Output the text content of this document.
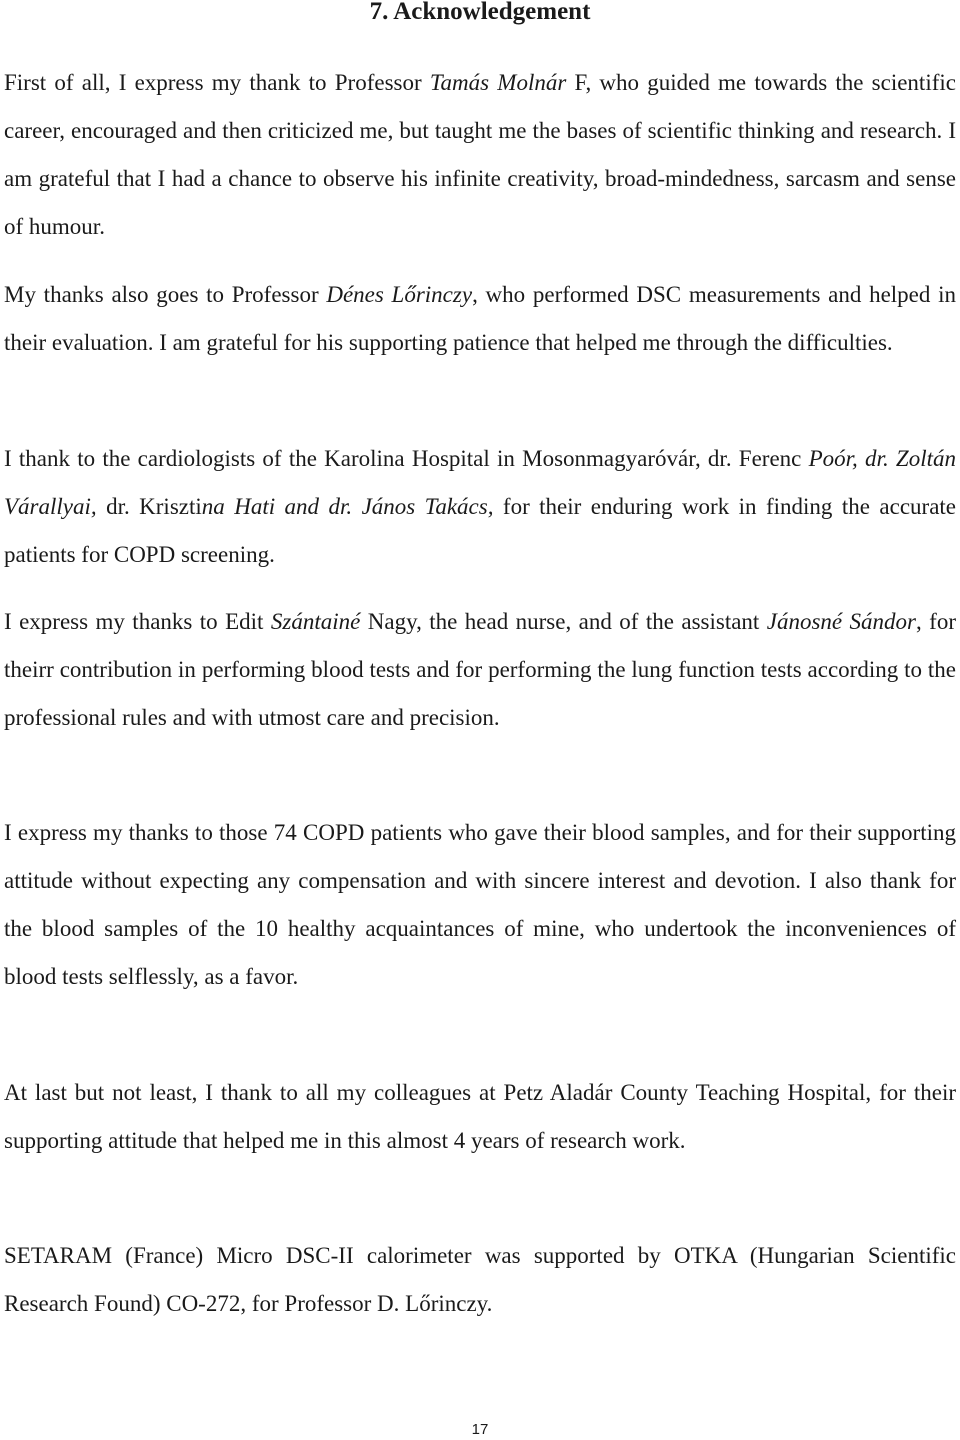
7. Acknowledgement

First of all, I express my thank to Professor Tamás Molnár F, who guided me towards the scientific career, encouraged and then criticized me, but taught me the bases of scientific thinking and research. I am grateful that I had a chance to observe his infinite creativity, broad-mindedness, sarcasm and sense of humour.

My thanks also goes to Professor Dénes Lőrinczy, who performed DSC measurements and helped in their evaluation. I am grateful for his supporting patience that helped me through the difficulties.

I thank to the cardiologists of the Karolina Hospital in Mosonmagyaróvár, dr. Ferenc Poór, dr. Zoltán Várallyai, dr. Krisztina Hati and dr. János Takács, for their enduring work in finding the accurate patients for COPD screening.

I express my thanks to Edit Szántainé Nagy, the head nurse, and of the assistant Jánosné Sándor, for theirr contribution in performing blood tests and for performing the lung function tests according to the professional rules and with utmost care and precision.

I express my thanks to those 74 COPD patients who gave their blood samples, and for their supporting attitude without expecting any compensation and with sincere interest and devotion. I also thank for the blood samples of the 10 healthy acquaintances of mine, who undertook the inconveniences of blood tests selflessly, as a favor.

At last but not least, I thank to all my colleagues at Petz Aladár County Teaching Hospital, for their supporting attitude that helped me in this almost 4 years of research work.

SETARAM (France) Micro DSC-II calorimeter was supported by OTKA (Hungarian Scientific Research Found) CO-272, for Professor D. Lőrinczy.

17
